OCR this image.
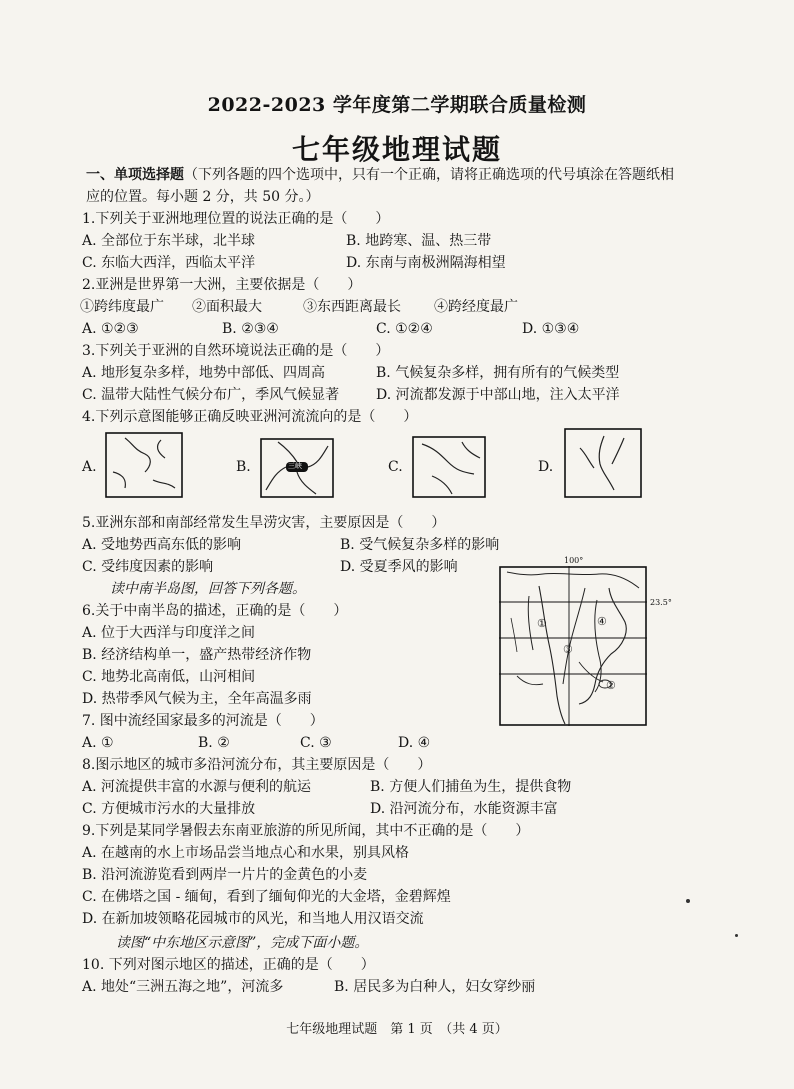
2022-2023 学年度第二学期联合质量检测
七年级地理试题
一、单项选择题（下列各题的四个选项中，只有一个正确，请将正确选项的代号填涂在答题纸相
应的位置。每小题 2 分，共 50 分。）
1.下列关于亚洲地理位置的说法正确的是（　　）
A. 全部位于东半球，北半球	B. 地跨寒、温、热三带
C. 东临大西洋，西临太平洋	D. 东南与南极洲隔海相望
2.亚洲是世界第一大洲，主要依据是（　　）
①跨纬度最广 ②面积最大	③东西距离最长 ④跨经度最广
A. ①②③	B. ②③④	C. ①②④	D. ①③④
3.下列关于亚洲的自然环境说法正确的是（　　）
A. 地形复杂多样，地势中部低、四周高	B. 气候复杂多样，拥有所有的气候类型
C. 温带大陆性气候分布广，季风气候显著	D. 河流都发源于中部山地，注入太平洋
4.下列示意图能够正确反映亚洲河流流向的是（　　）
A.	B.	三峡	C.	D.
5.亚洲东部和南部经常发生旱涝灾害，主要原因是（　　）
A. 受地势西高东低的影响	B. 受气候复杂多样的影响
C. 受纬度因素的影响	D. 受夏季风的影响
读中南半岛图，回答下列各题。
100°
23.5°
①
②
③
④
6.关于中南半岛的描述，正确的是（　　）
A. 位于大西洋与印度洋之间
B. 经济结构单一，盛产热带经济作物
C. 地势北高南低，山河相间
D. 热带季风气候为主，全年高温多雨
7. 图中流经国家最多的河流是（　　）
A. ①	B. ②	C. ③	D. ④
8.图示地区的城市多沿河流分布，其主要原因是（　　）
A. 河流提供丰富的水源与便利的航运	B. 方便人们捕鱼为生，提供食物
C. 方便城市污水的大量排放	D. 沿河流分布，水能资源丰富
9.下列是某同学暑假去东南亚旅游的所见所闻，其中不正确的是（　　）
A. 在越南的水上市场品尝当地点心和水果，别具风格
B. 沿河流游览看到两岸一片片的金黄色的小麦
C. 在佛塔之国 - 缅甸，看到了缅甸仰光的大金塔，金碧辉煌
D. 在新加坡领略花园城市的风光，和当地人用汉语交流
读图“中东地区示意图”，完成下面小题。
10. 下列对图示地区的描述，正确的是（　　）
A. 地处“三洲五海之地”，河流多	B. 居民多为白种人，妇女穿纱丽
七年级地理试题　第 1 页　（共 4 页）
